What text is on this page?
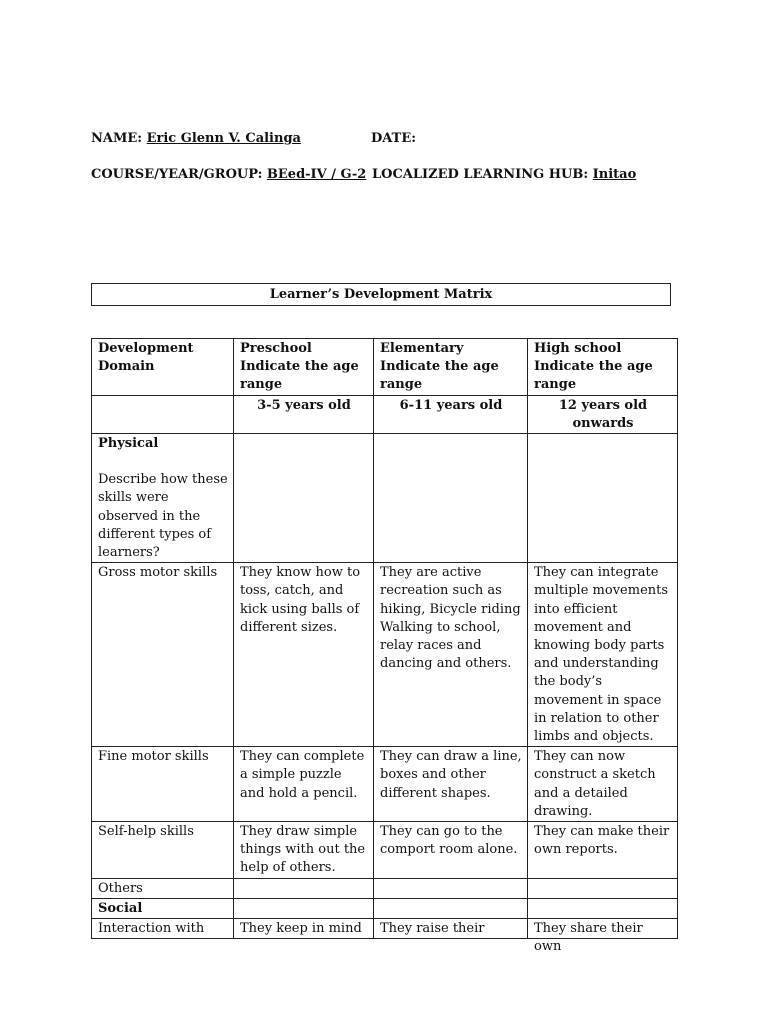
NAME: Eric Glenn V. Calinga	DATE:
COURSE/YEAR/GROUP: BEed-IV / G-2 LOCALIZED LEARNING HUB: Initao
Learner’s Development Matrix
Development Domain	Preschool Indicate the age range	Elementary Indicate the age range	High school Indicate the age range
	3-5 years old	6-11 years old	12 years old onwards
Physical
Describe how these skills were observed in the different types of learners?			
Gross motor skills	They know how to toss, catch, and kick using balls of different sizes.	They are active recreation such as hiking, Bicycle riding Walking to school, relay races and dancing and others.	They can integrate multiple movements into efficient movement and knowing body parts and understanding the body’s movement in space in relation to other limbs and objects.
Fine motor skills	They can complete a simple puzzle and hold a pencil.	They can draw a line, boxes and other different shapes.	They can now construct a sketch and a detailed drawing.
Self-help skills	They draw simple things with out the help of others.	They can go to the comport room alone.	They can make their own reports.
Others			
Social			

Interaction with	They keep in mind	They raise their	They share their own
